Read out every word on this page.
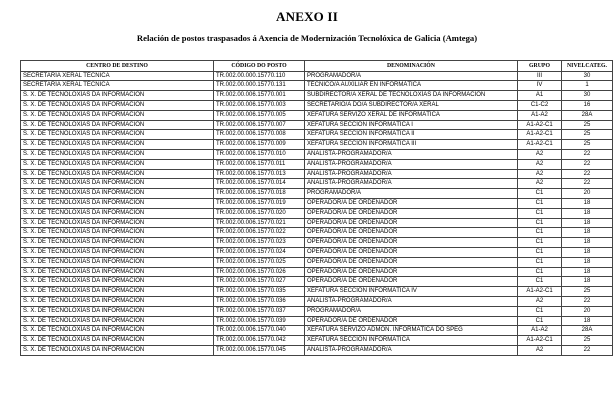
ANEXO II
Relación de postos traspasados á Axencia de Modernización Tecnolóxica de Galicia (Amtega)
CENTRO DE DESTINO	CÓDIGO DO POSTO	DENOMINACIÓN	GRUPO	NIVELCATEG.
SECRETARÍA XERAL TÉCNICA	TR.002.00.000.15770.110	PROGRAMADOR/A	III	30
SECRETARÍA XERAL TÉCNICA	TR.002.00.000.15770.131	TÉCNICO/A AUXILIAR EN INFORMÁTICA	IV	1
S. X. DE TECNOLOXÍAS DA INFORMACIÓN	TR.002.00.006.15770.001	SUBDIRECTOR/A XERAL DE TECNOLOXÍAS DA INFORMACIÓN	A1	30
S. X. DE TECNOLOXÍAS DA INFORMACIÓN	TR.002.00.006.15770.003	SECRETARIO/A DO/A SUBDIRECTOR/A XERAL	C1-C2	16
S. X. DE TECNOLOXÍAS DA INFORMACIÓN	TR.002.00.006.15770.005	XEFATURA SERVIZO XERAL DE INFORMÁTICA	A1-A2	28A
S. X. DE TECNOLOXÍAS DA INFORMACIÓN	TR.002.00.006.15770.007	XEFATURA SECCIÓN INFORMÁTICA I	A1-A2-C1	25
S. X. DE TECNOLOXÍAS DA INFORMACIÓN	TR.002.00.006.15770.008	XEFATURA SECCIÓN INFORMÁTICA II	A1-A2-C1	25
S. X. DE TECNOLOXÍAS DA INFORMACIÓN	TR.002.00.006.15770.009	XEFATURA SECCIÓN INFORMÁTICA III	A1-A2-C1	25
S. X. DE TECNOLOXÍAS DA INFORMACIÓN	TR.002.00.006.15770.010	ANALISTA-PROGRAMADOR/A	A2	22
S. X. DE TECNOLOXÍAS DA INFORMACIÓN	TR.002.00.006.15770.011	ANALISTA-PROGRAMADOR/A	A2	22
S. X. DE TECNOLOXÍAS DA INFORMACIÓN	TR.002.00.006.15770.013	ANALISTA-PROGRAMADOR/A	A2	22
S. X. DE TECNOLOXÍAS DA INFORMACIÓN	TR.002.00.006.15770.014	ANALISTA-PROGRAMADOR/A	A2	22
S. X. DE TECNOLOXÍAS DA INFORMACIÓN	TR.002.00.006.15770.018	PROGRAMADOR/A	C1	20
S. X. DE TECNOLOXÍAS DA INFORMACIÓN	TR.002.00.006.15770.019	OPERADOR/A DE ORDENADOR	C1	18
S. X. DE TECNOLOXÍAS DA INFORMACIÓN	TR.002.00.006.15770.020	OPERADOR/A DE ORDENADOR	C1	18
S. X. DE TECNOLOXÍAS DA INFORMACIÓN	TR.002.00.006.15770.021	OPERADOR/A DE ORDENADOR	C1	18
S. X. DE TECNOLOXÍAS DA INFORMACIÓN	TR.002.00.006.15770.022	OPERADOR/A DE ORDENADOR	C1	18
S. X. DE TECNOLOXÍAS DA INFORMACIÓN	TR.002.00.006.15770.023	OPERADOR/A DE ORDENADOR	C1	18
S. X. DE TECNOLOXÍAS DA INFORMACIÓN	TR.002.00.006.15770.024	OPERADOR/A DE ORDENADOR	C1	18
S. X. DE TECNOLOXÍAS DA INFORMACIÓN	TR.002.00.006.15770.025	OPERADOR/A DE ORDENADOR	C1	18
S. X. DE TECNOLOXÍAS DA INFORMACIÓN	TR.002.00.006.15770.026	OPERADOR/A DE ORDENADOR	C1	18
S. X. DE TECNOLOXÍAS DA INFORMACIÓN	TR.002.00.006.15770.027	OPERADOR/A DE ORDENADOR	C1	18
S. X. DE TECNOLOXÍAS DA INFORMACIÓN	TR.002.00.006.15770.035	XEFATURA SECCIÓN INFORMÁTICA IV	A1-A2-C1	25
S. X. DE TECNOLOXÍAS DA INFORMACIÓN	TR.002.00.006.15770.036	ANALISTA-PROGRAMADOR/A	A2	22
S. X. DE TECNOLOXÍAS DA INFORMACIÓN	TR.002.00.006.15770.037	PROGRAMADOR/A	C1	20
S. X. DE TECNOLOXÍAS DA INFORMACIÓN	TR.002.00.006.15770.039	OPERADOR/A DE ORDENADOR	C1	18
S. X. DE TECNOLOXÍAS DA INFORMACIÓN	TR.002.00.006.15770.040	XEFATURA SERVIZO ADMÓN. INFORMÁTICA DO SPEG	A1-A2	28A
S. X. DE TECNOLOXÍAS DA INFORMACIÓN	TR.002.00.006.15770.042	XEFATURA SECCIÓN INFORMÁTICA	A1-A2-C1	25
S. X. DE TECNOLOXÍAS DA INFORMACIÓN	TR.002.00.006.15770.045	ANALISTA-PROGRAMADOR/A	A2	22
